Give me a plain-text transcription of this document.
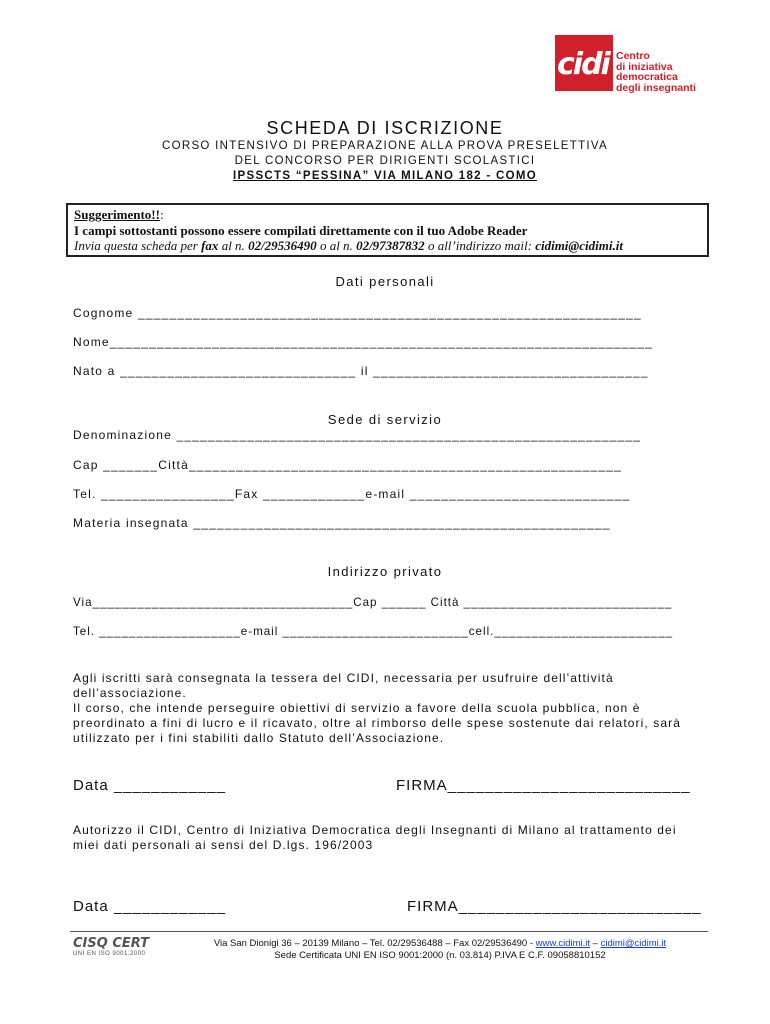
cidi Centro
di iniziativa
democratica
degli insegnanti
SCHEDA DI ISCRIZIONE
CORSO INTENSIVO DI PREPARAZIONE ALLA PROVA PRESELETTIVA
DEL CONCORSO PER DIRIGENTI SCOLASTICI
IPSSCTS “PESSINA” VIA MILANO 182 - COMO
Suggerimento!!:
I campi sottostanti possono essere compilati direttamente con il tuo Adobe Reader
Invia questa scheda per fax al n. 02/29536490 o al n. 02/97387832 o all’indirizzo mail: cidimi@cidimi.it
Dati personali
Cognome ________________________________________________________________
Nome_____________________________________________________________________
Nato a ______________________________ il ___________________________________
Sede di servizio
Denominazione ___________________________________________________________
Cap _______Città_______________________________________________________
Tel. _________________Fax _____________e-mail ____________________________
Materia insegnata _____________________________________________________
Indirizzo privato
Via___________________________________Cap ______ Città ____________________________
Tel. ___________________e-mail _________________________cell.________________________
Agli iscritti sarà consegnata la tessera del CIDI, necessaria per usufruire dell’attività
dell’associazione.
Il corso, che intende perseguire obiettivi di servizio a favore della scuola pubblica, non è
preordinato a fini di lucro e il ricavato, oltre al rimborso delle spese sostenute dai relatori, sarà
utilizzato per i fini stabiliti dallo Statuto dell’Associazione.
Data ____________	FIRMA__________________________
Autorizzo il CIDI, Centro di Iniziativa Democratica degli Insegnanti di Milano al trattamento dei
miei dati personali ai sensi del D.lgs. 196/2003
Data ____________	FIRMA__________________________
CISQ CERT
UNI EN ISO 9001:2000
Via San Dionigi 36 – 20139 Milano – Tel. 02/29536488 – Fax 02/29536490 - www.cidimi.it – cidimi@cidimi.it
Sede Certificata UNI EN ISO 9001:2000 (n. 03.814) P.IVA E C.F. 09058810152
